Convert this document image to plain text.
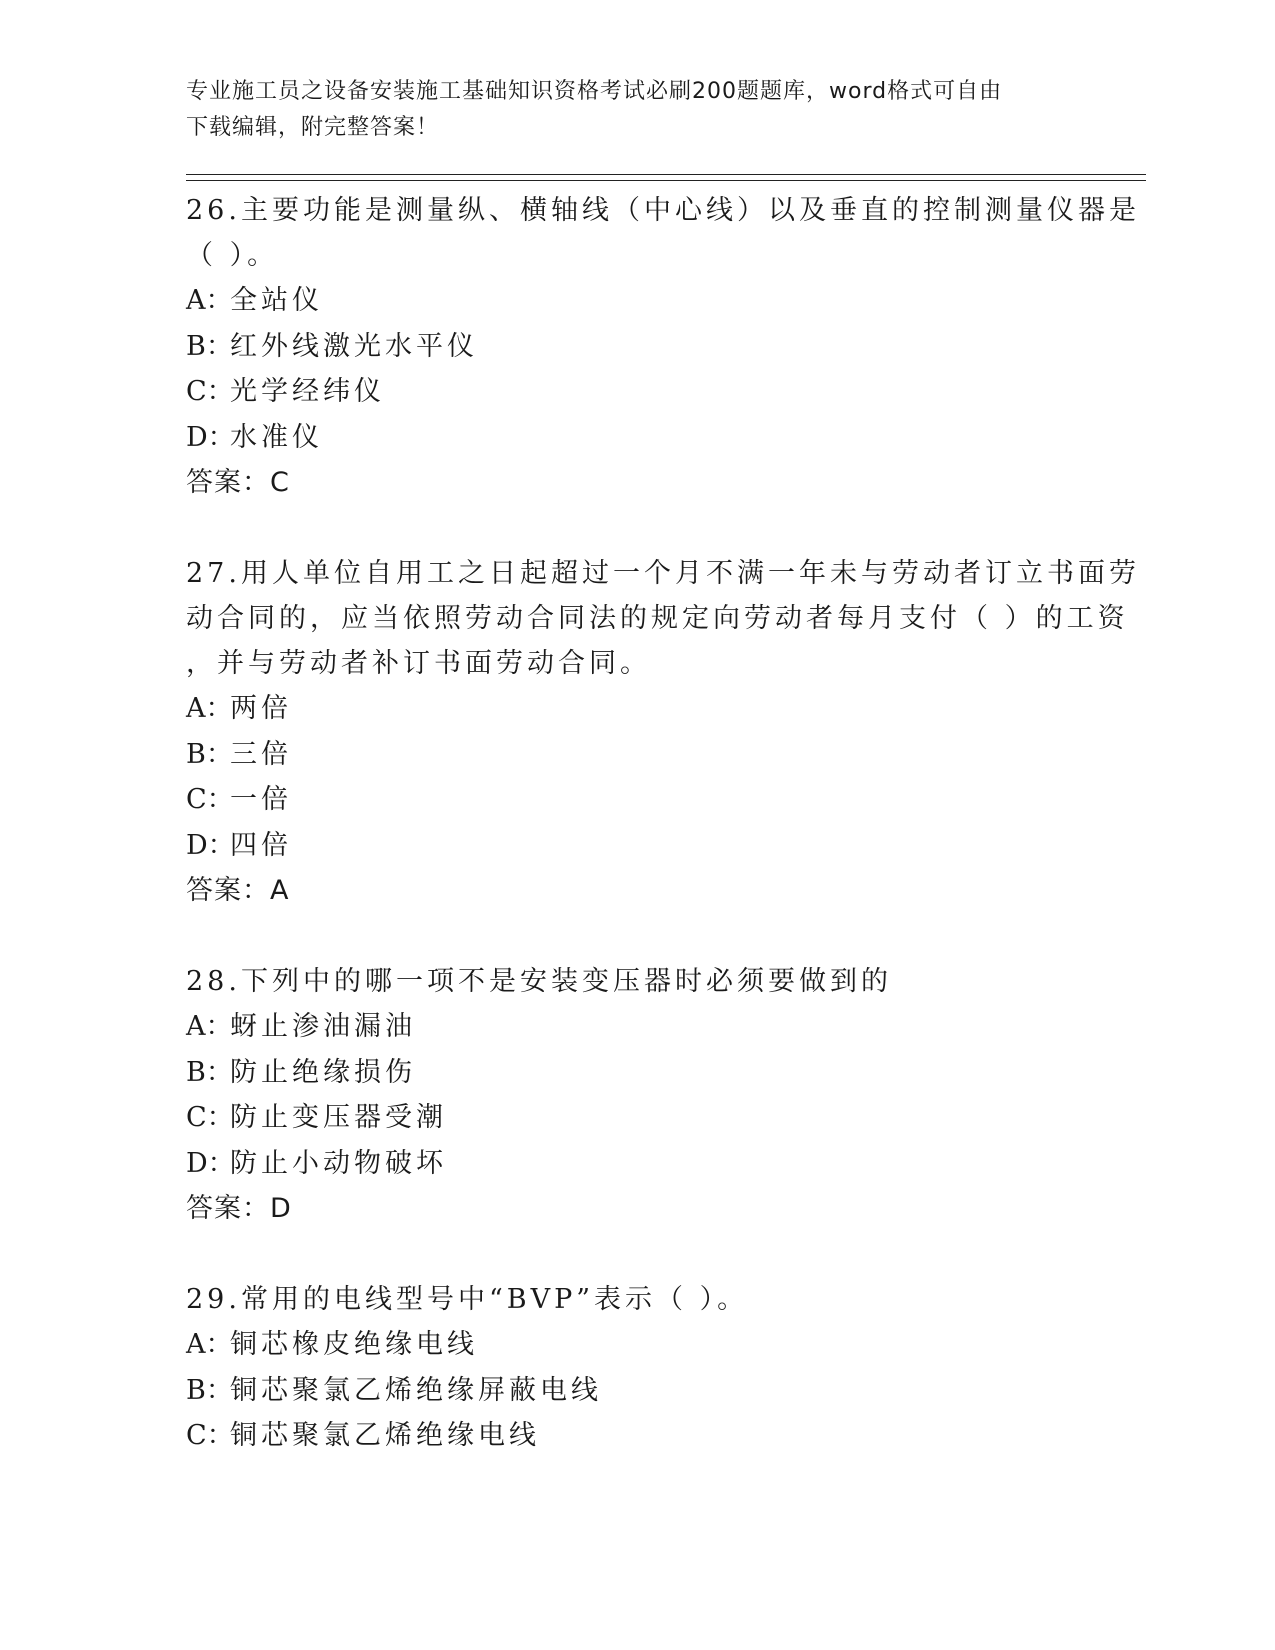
专业施工员之设备安装施工基础知识资格考试必刷200题题库，word格式可自由
下载编辑，附完整答案！
26.主要功能是测量纵、横轴线（中心线）以及垂直的控制测量仪器是
（ ）。
A：全站仪
B：红外线激光水平仪
C：光学经纬仪
D：水准仪
答案：C
27.用人单位自用工之日起超过一个月不满一年未与劳动者订立书面劳
动合同的，应当依照劳动合同法的规定向劳动者每月支付（ ）的工资
，并与劳动者补订书面劳动合同。
A：两倍
B：三倍
C：一倍
D：四倍
答案：A
28.下列中的哪一项不是安装变压器时必须要做到的
A：蚜止渗油漏油
B：防止绝缘损伤
C：防止变压器受潮
D：防止小动物破坏
答案：D
29.常用的电线型号中“BVP”表示（ ）。
A：铜芯橡皮绝缘电线
B：铜芯聚氯乙烯绝缘屏蔽电线
C：铜芯聚氯乙烯绝缘电线
